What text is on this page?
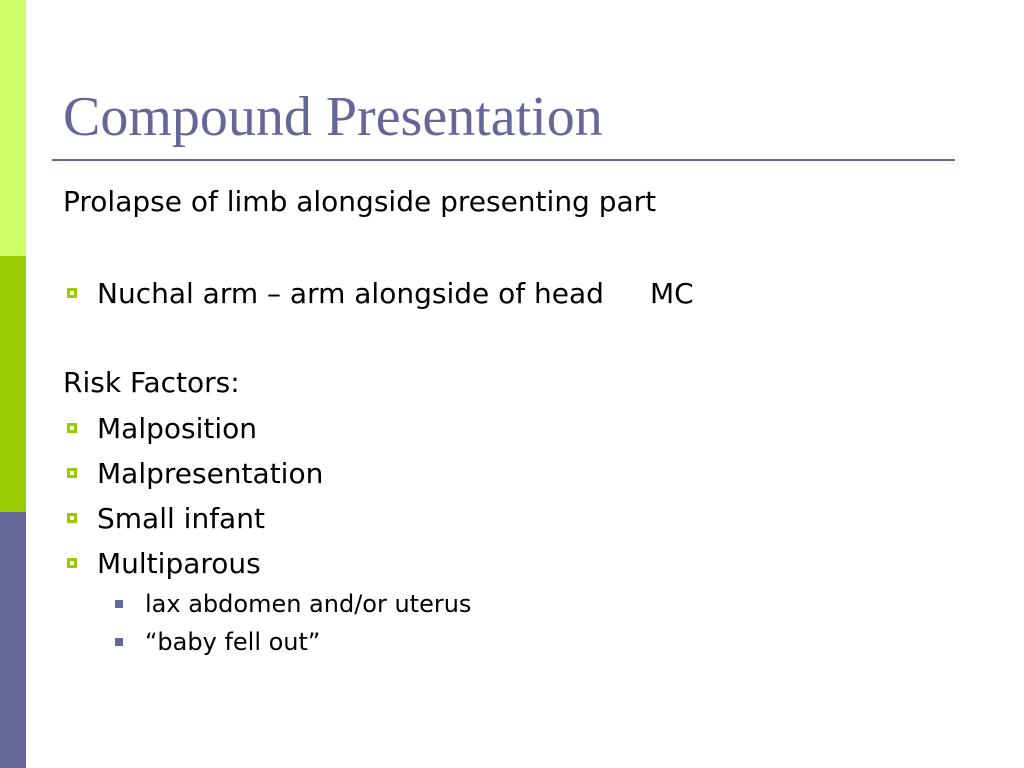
Compound Presentation
Prolapse of limb alongside presenting part
Nuchal arm – arm alongside of head MC
Risk Factors:
Malposition
Malpresentation
Small infant
Multiparous
lax abdomen and/or uterus
“baby fell out”
